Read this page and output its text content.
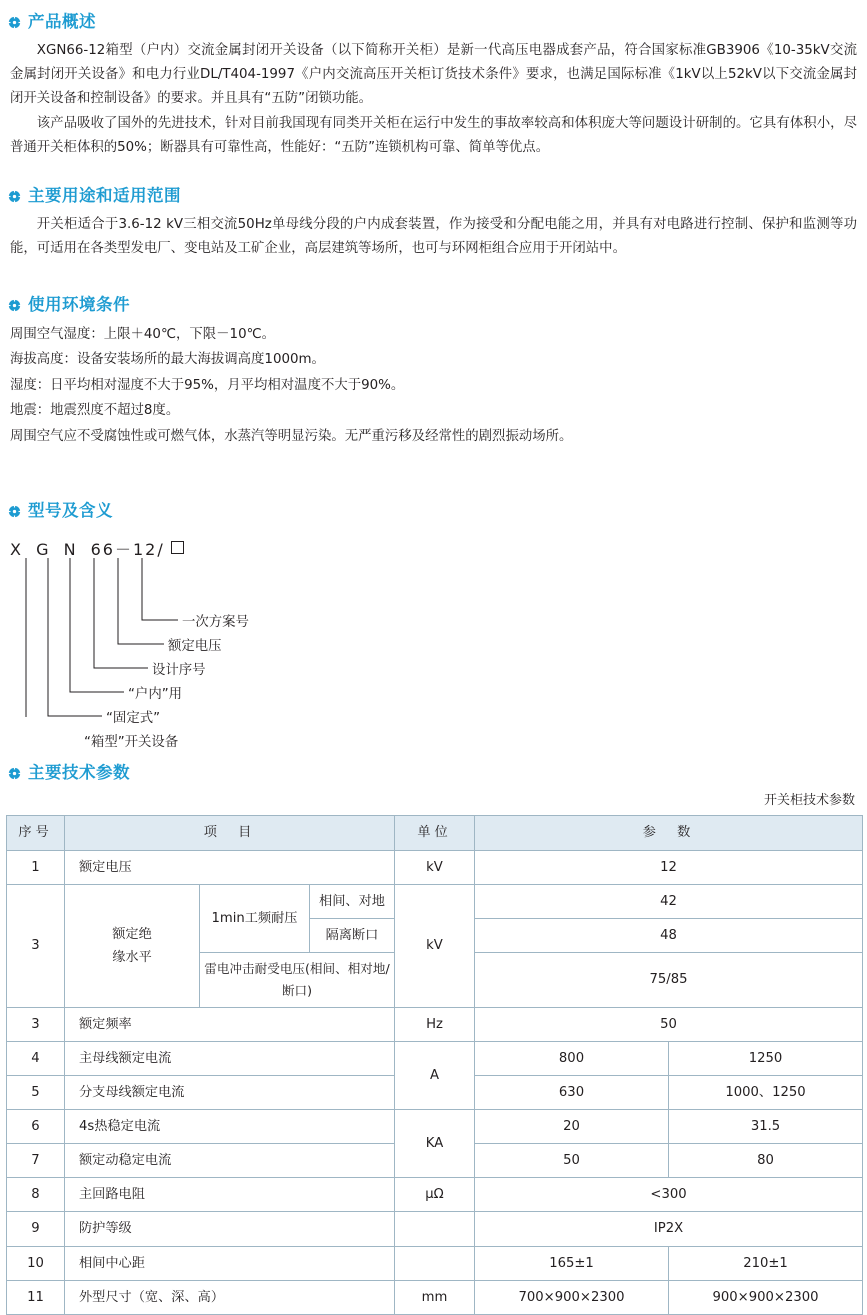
产品概述

XGN66-12箱型（户内）交流金属封闭开关设备（以下简称开关柜）是新一代高压电器成套产品，符合国家标准GB3906《10-35kV交流金属封闭开关设备》和电力行业DL/T404-1997《户内交流高压开关柜订货技术条件》要求，也满足国际标准《1kV以上52kV以下交流金属封闭开关设备和控制设备》的要求。并且具有“五防”闭锁功能。

该产品吸收了国外的先进技术，针对目前我国现有同类开关柜在运行中发生的事故率较高和体积庞大等问题设计研制的。它具有体积小，尽普通开关柜体积的50%；断器具有可靠性高，性能好：“五防”连锁机构可靠、简单等优点。

主要用途和适用范围

开关柜适合于3.6-12 kV三相交流50Hz单母线分段的户内成套装置，作为接受和分配电能之用，并具有对电路进行控制、保护和监测等功能，可适用在各类型发电厂、变电站及工矿企业，高层建筑等场所，也可与环网柜组合应用于开闭站中。

使用环境条件
周围空气湿度：上限＋40℃，下限－10℃。
海拔高度：设备安装场所的最大海拔调高度1000m。
湿度：日平均相对湿度不大于95%，月平均相对温度不大于90%。
地震：地震烈度不超过8度。
周围空气应不受腐蚀性或可燃气体，水蒸汽等明显污染。无严重污移及经常性的剧烈振动场所。
型号及含义
X G N 66－12/
一次方案号
额定电压
设计序号
“户内”用
“固定式”
“箱型”开关设备
主要技术参数
开关柜技术参数
序号	项　目			单位	参　数	
1	额定电压			kV	12	
3	额定绝
缘水平	1min工频耐压	相间、对地	kV	42	
			隔离断口		48	
		雷电冲击耐受电压(相间、相对地/断口)			75/85	
3	额定频率			Hz	50	
4	主母线额定电流			A	800	1250
5	分支母线额定电流				630	1000、1250
6	4s热稳定电流			KA	20	31.5
7	额定动稳定电流				50	80
8	主回路电阻			μΩ	<300	
9	防护等级				IP2X	
10	相间中心距				165±1	210±1
11	外型尺寸（宽、深、高）			mm	700×900×2300	900×900×2300
